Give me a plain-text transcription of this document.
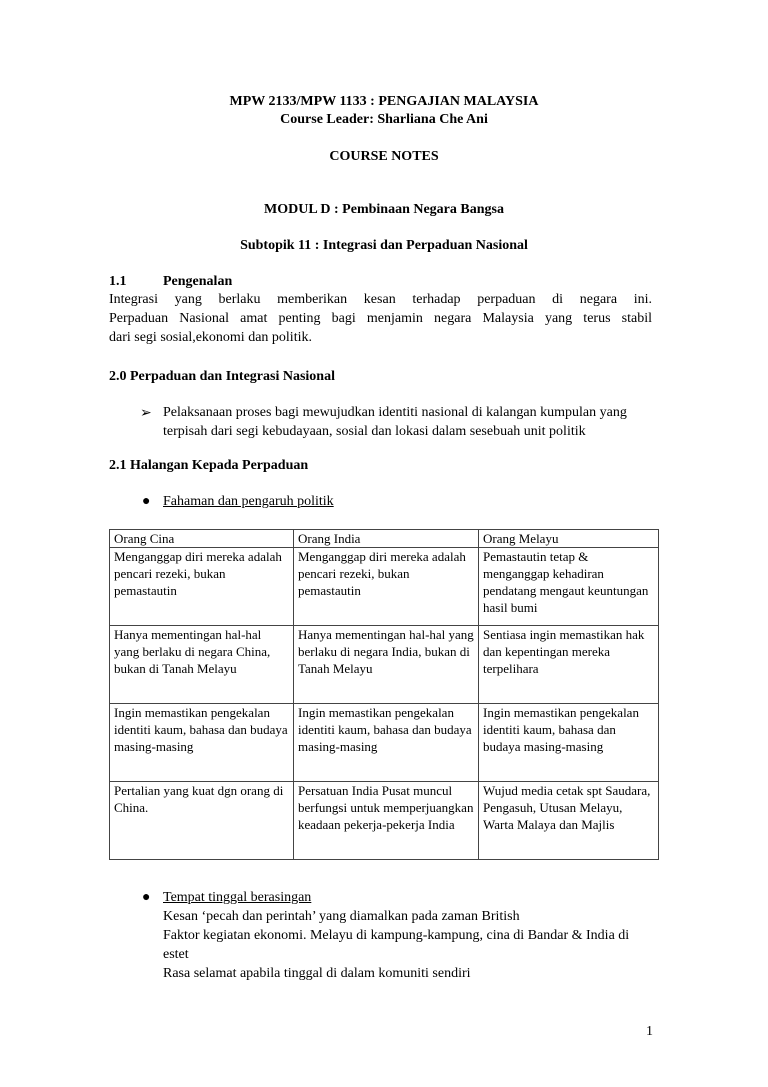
MPW 2133/MPW 1133 : PENGAJIAN MALAYSIA
Course Leader: Sharliana Che Ani
COURSE NOTES
MODUL D : Pembinaan Negara Bangsa
Subtopik 11 : Integrasi dan Perpaduan Nasional
1.1	Pengenalan
Integrasi yang berlaku memberikan kesan terhadap perpaduan di negara ini.
Perpaduan Nasional amat penting bagi menjamin negara Malaysia yang terus stabil
dari segi sosial,ekonomi dan politik.
2.0 Perpaduan dan Integrasi Nasional
➢ Pelaksanaan proses bagi mewujudkan identiti nasional di kalangan kumpulan yang
terpisah dari segi kebudayaan, sosial dan lokasi dalam sesebuah unit politik
2.1 Halangan Kepada Perpaduan
● Fahaman dan pengaruh politik
Orang Cina	Orang India	Orang Melayu
Menganggap diri mereka adalah pencari rezeki, bukan pemastautin	Menganggap diri mereka adalah pencari rezeki, bukan pemastautin	Pemastautin tetap & menganggap kehadiran pendatang mengaut keuntungan hasil bumi
Hanya mementingan hal-hal yang berlaku di negara China, bukan di Tanah Melayu	Hanya mementingan hal-hal yang berlaku di negara India, bukan di Tanah Melayu	Sentiasa ingin memastikan hak dan kepentingan mereka terpelihara
Ingin memastikan pengekalan identiti kaum, bahasa dan budaya masing-masing	Ingin memastikan pengekalan identiti kaum, bahasa dan budaya masing-masing	Ingin memastikan pengekalan identiti kaum, bahasa dan budaya masing-masing
Pertalian yang kuat dgn orang di China.	Persatuan India Pusat muncul berfungsi untuk memperjuangkan keadaan pekerja-pekerja India	Wujud media cetak spt Saudara, Pengasuh, Utusan Melayu, Warta Malaya dan Majlis
● Tempat tinggal berasingan
Kesan ‘pecah dan perintah’ yang diamalkan pada zaman British
Faktor kegiatan ekonomi. Melayu di kampung-kampung, cina di Bandar & India di
estet
Rasa selamat apabila tinggal di dalam komuniti sendiri
1
